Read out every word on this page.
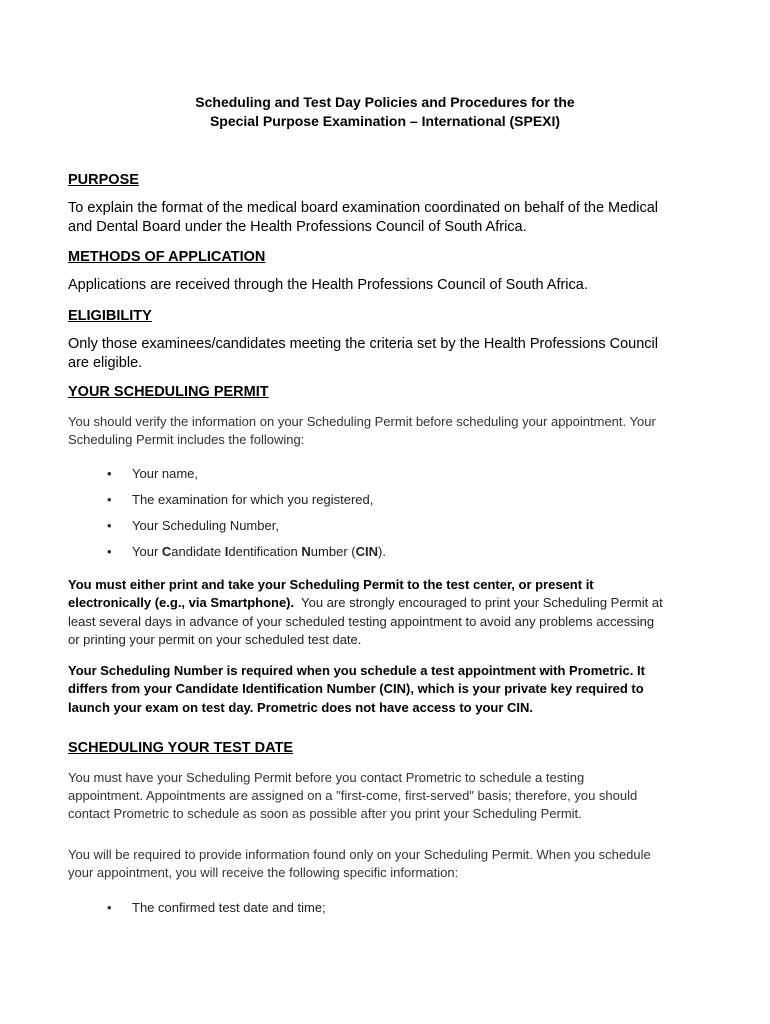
Scheduling and Test Day Policies and Procedures for the
Special Purpose Examination – International (SPEXI)
PURPOSE
To explain the format of the medical board examination coordinated on behalf of the Medical
and Dental Board under the Health Professions Council of South Africa.
METHODS OF APPLICATION
Applications are received through the Health Professions Council of South Africa.
ELIGIBILITY
Only those examinees/candidates meeting the criteria set by the Health Professions Council
are eligible.
YOUR SCHEDULING PERMIT
You should verify the information on your Scheduling Permit before scheduling your appointment. Your
Scheduling Permit includes the following:
• Your name,
• The examination for which you registered,
• Your Scheduling Number,
• Your Candidate Identification Number (CIN).
You must either print and take your Scheduling Permit to the test center, or present it
electronically (e.g., via Smartphone).  You are strongly encouraged to print your Scheduling Permit at
least several days in advance of your scheduled testing appointment to avoid any problems accessing
or printing your permit on your scheduled test date.
Your Scheduling Number is required when you schedule a test appointment with Prometric. It
differs from your Candidate Identification Number (CIN), which is your private key required to
launch your exam on test day. Prometric does not have access to your CIN.
SCHEDULING YOUR TEST DATE
You must have your Scheduling Permit before you contact Prometric to schedule a testing
appointment. Appointments are assigned on a "first-come, first-served" basis; therefore, you should
contact Prometric to schedule as soon as possible after you print your Scheduling Permit.
You will be required to provide information found only on your Scheduling Permit. When you schedule
your appointment, you will receive the following specific information:
• The confirmed test date and time;
